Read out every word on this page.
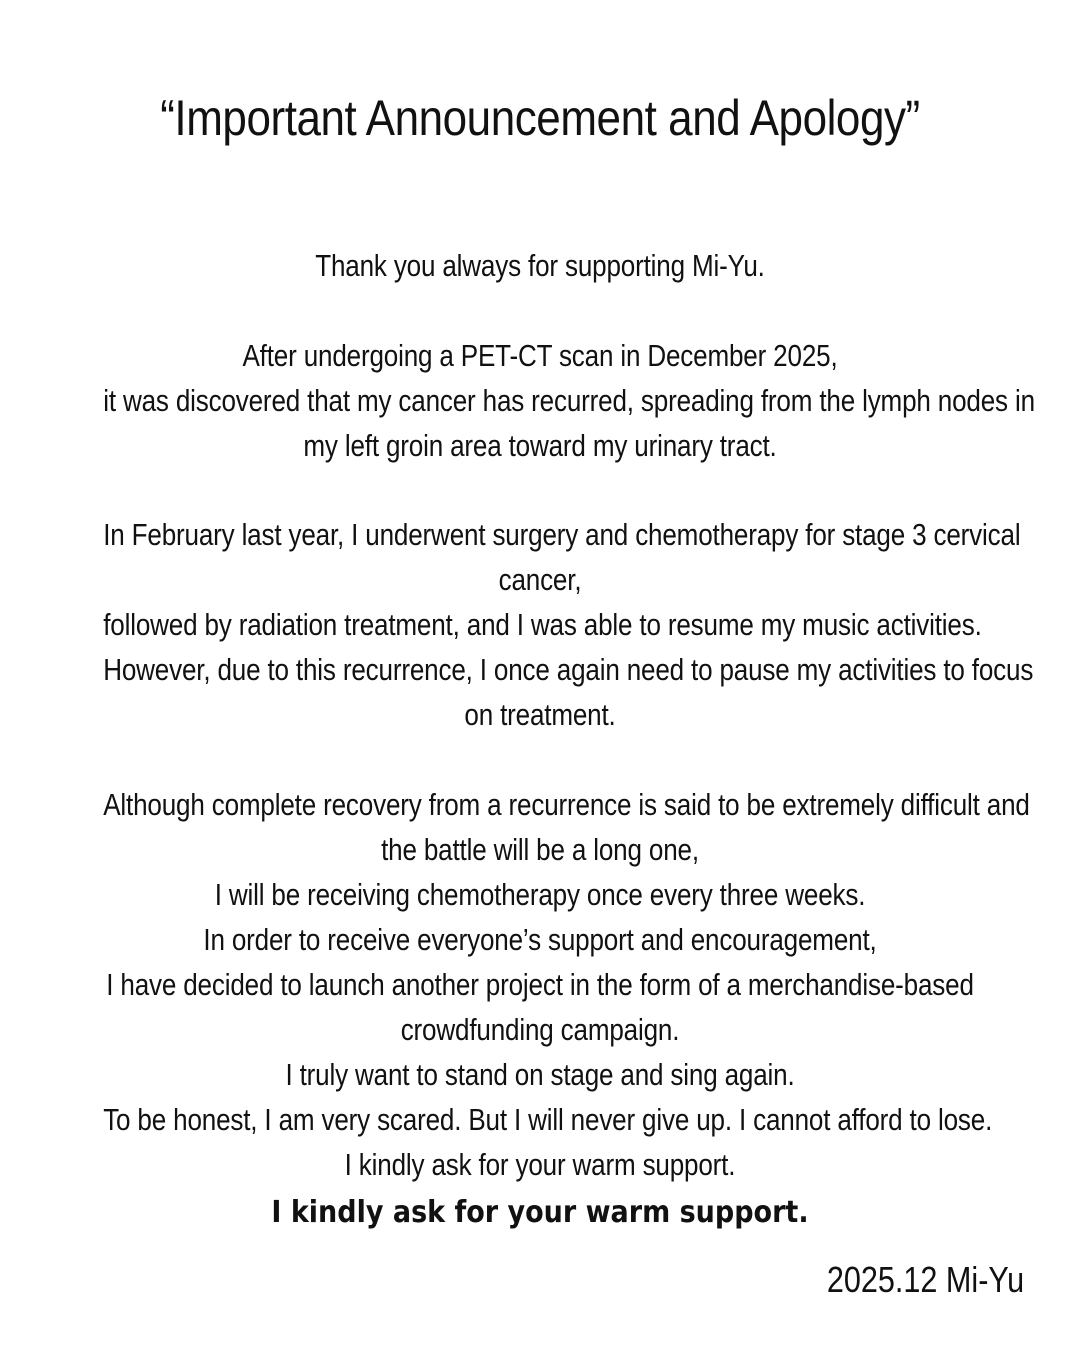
“Important Announcement and Apology”
Thank you always for supporting Mi-Yu.
After undergoing a PET-CT scan in December 2025,
it was discovered that my cancer has recurred, spreading from the lymph nodes in
my left groin area toward my urinary tract.
In February last year, I underwent surgery and chemotherapy for stage 3 cervical
cancer,
followed by radiation treatment, and I was able to resume my music activities.
However, due to this recurrence, I once again need to pause my activities to focus
on treatment.
Although complete recovery from a recurrence is said to be extremely difficult and
the battle will be a long one,
I will be receiving chemotherapy once every three weeks.
In order to receive everyone’s support and encouragement,
I have decided to launch another project in the form of a merchandise-based
crowdfunding campaign.
I truly want to stand on stage and sing again.
To be honest, I am very scared. But I will never give up. I cannot afford to lose.
I kindly ask for your warm support.
I kindly ask for your warm support.
2025.12 Mi-Yu
